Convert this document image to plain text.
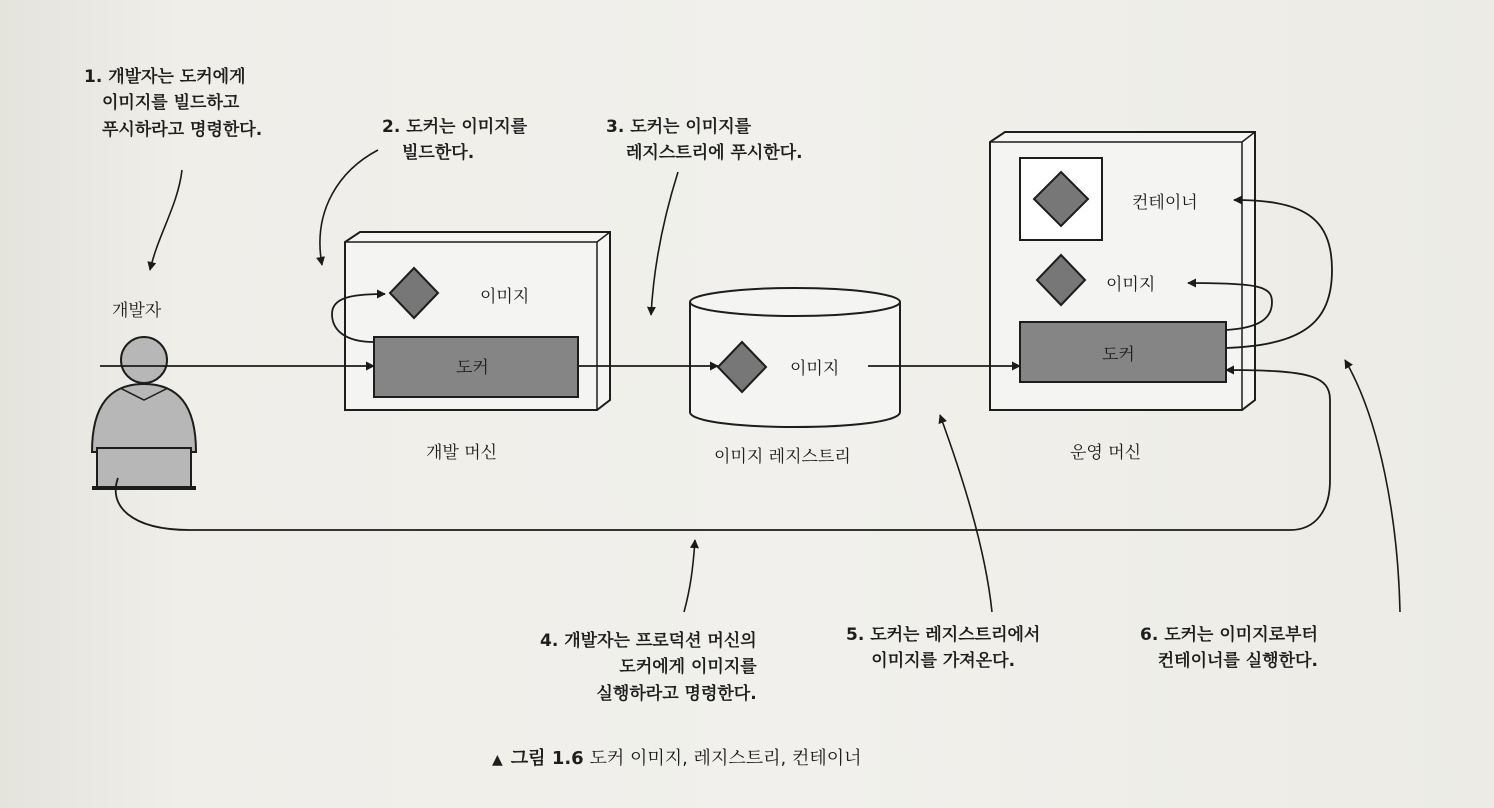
1. 개발자는 도커에게
이미지를 빌드하고
푸시하라고 명령한다.	2. 도커는 이미지를
빌드한다.
3. 도커는 이미지를
레지스트리에 푸시한다.
4. 개발자는 프로덕션 머신의
도커에게 이미지를
실행하라고 명령한다.
5. 도커는 레지스트리에서
이미지를 가져온다.
6. 도커는 이미지로부터
컨테이너를 실행한다.
개발자
이미지
도커
개발 머신
이미지
이미지 레지스트리
컨테이너
이미지
도커
운영 머신
▲ 그림 1.6 도커 이미지, 레지스트리, 컨테이너
